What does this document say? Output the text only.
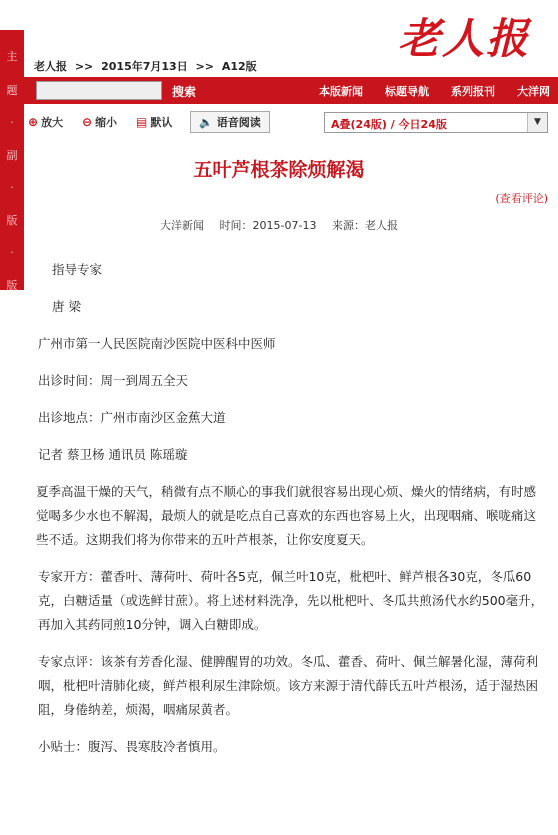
主
题
·
副
·
版
·
版
老人报
老人报 >> 2015年7月13日 >> A12版
搜索	本版新闻 标题导航 系列报刊 大洋网
⊕ 放大 ⊖ 缩小 ▤ 默认 🔈 语音阅读	A叠(24版) / 今日24版	▼
五叶芦根茶除烦解渴
(查看评论)
大洋新闻 时间：2015-07-13 来源：老人报

指导专家

唐 梁

广州市第一人民医院南沙医院中医科中医师

出诊时间：周一到周五全天

出诊地点：广州市南沙区金蕉大道

记者 蔡卫杨 通讯员 陈瑶璇

夏季高温干燥的天气，稍微有点不顺心的事我们就很容易出现心烦、燥火的情绪病，有时感觉喝多少水也不解渴，最烦人的就是吃点自己喜欢的东西也容易上火，出现咽痛、喉咙痛这些不适。这期我们将为你带来的五叶芦根茶，让你安度夏天。

专家开方：藿香叶、薄荷叶、荷叶各5克，佩兰叶10克，枇杷叶、鲜芦根各30克，冬瓜60克，白糖适量（或选鲜甘蔗）。将上述材料洗净，先以枇杷叶、冬瓜共煎汤代水约500毫升，再加入其药同煎10分钟，调入白糖即成。

专家点评：该茶有芳香化湿、健脾醒胃的功效。冬瓜、藿香、荷叶、佩兰解暑化湿，薄荷利咽，枇杷叶清肺化痰，鲜芦根利尿生津除烦。该方来源于清代薛氏五叶芦根汤，适于湿热困阻，身倦纳差，烦渴，咽痛尿黄者。

小贴士：腹泻、畏寒肢冷者慎用。
